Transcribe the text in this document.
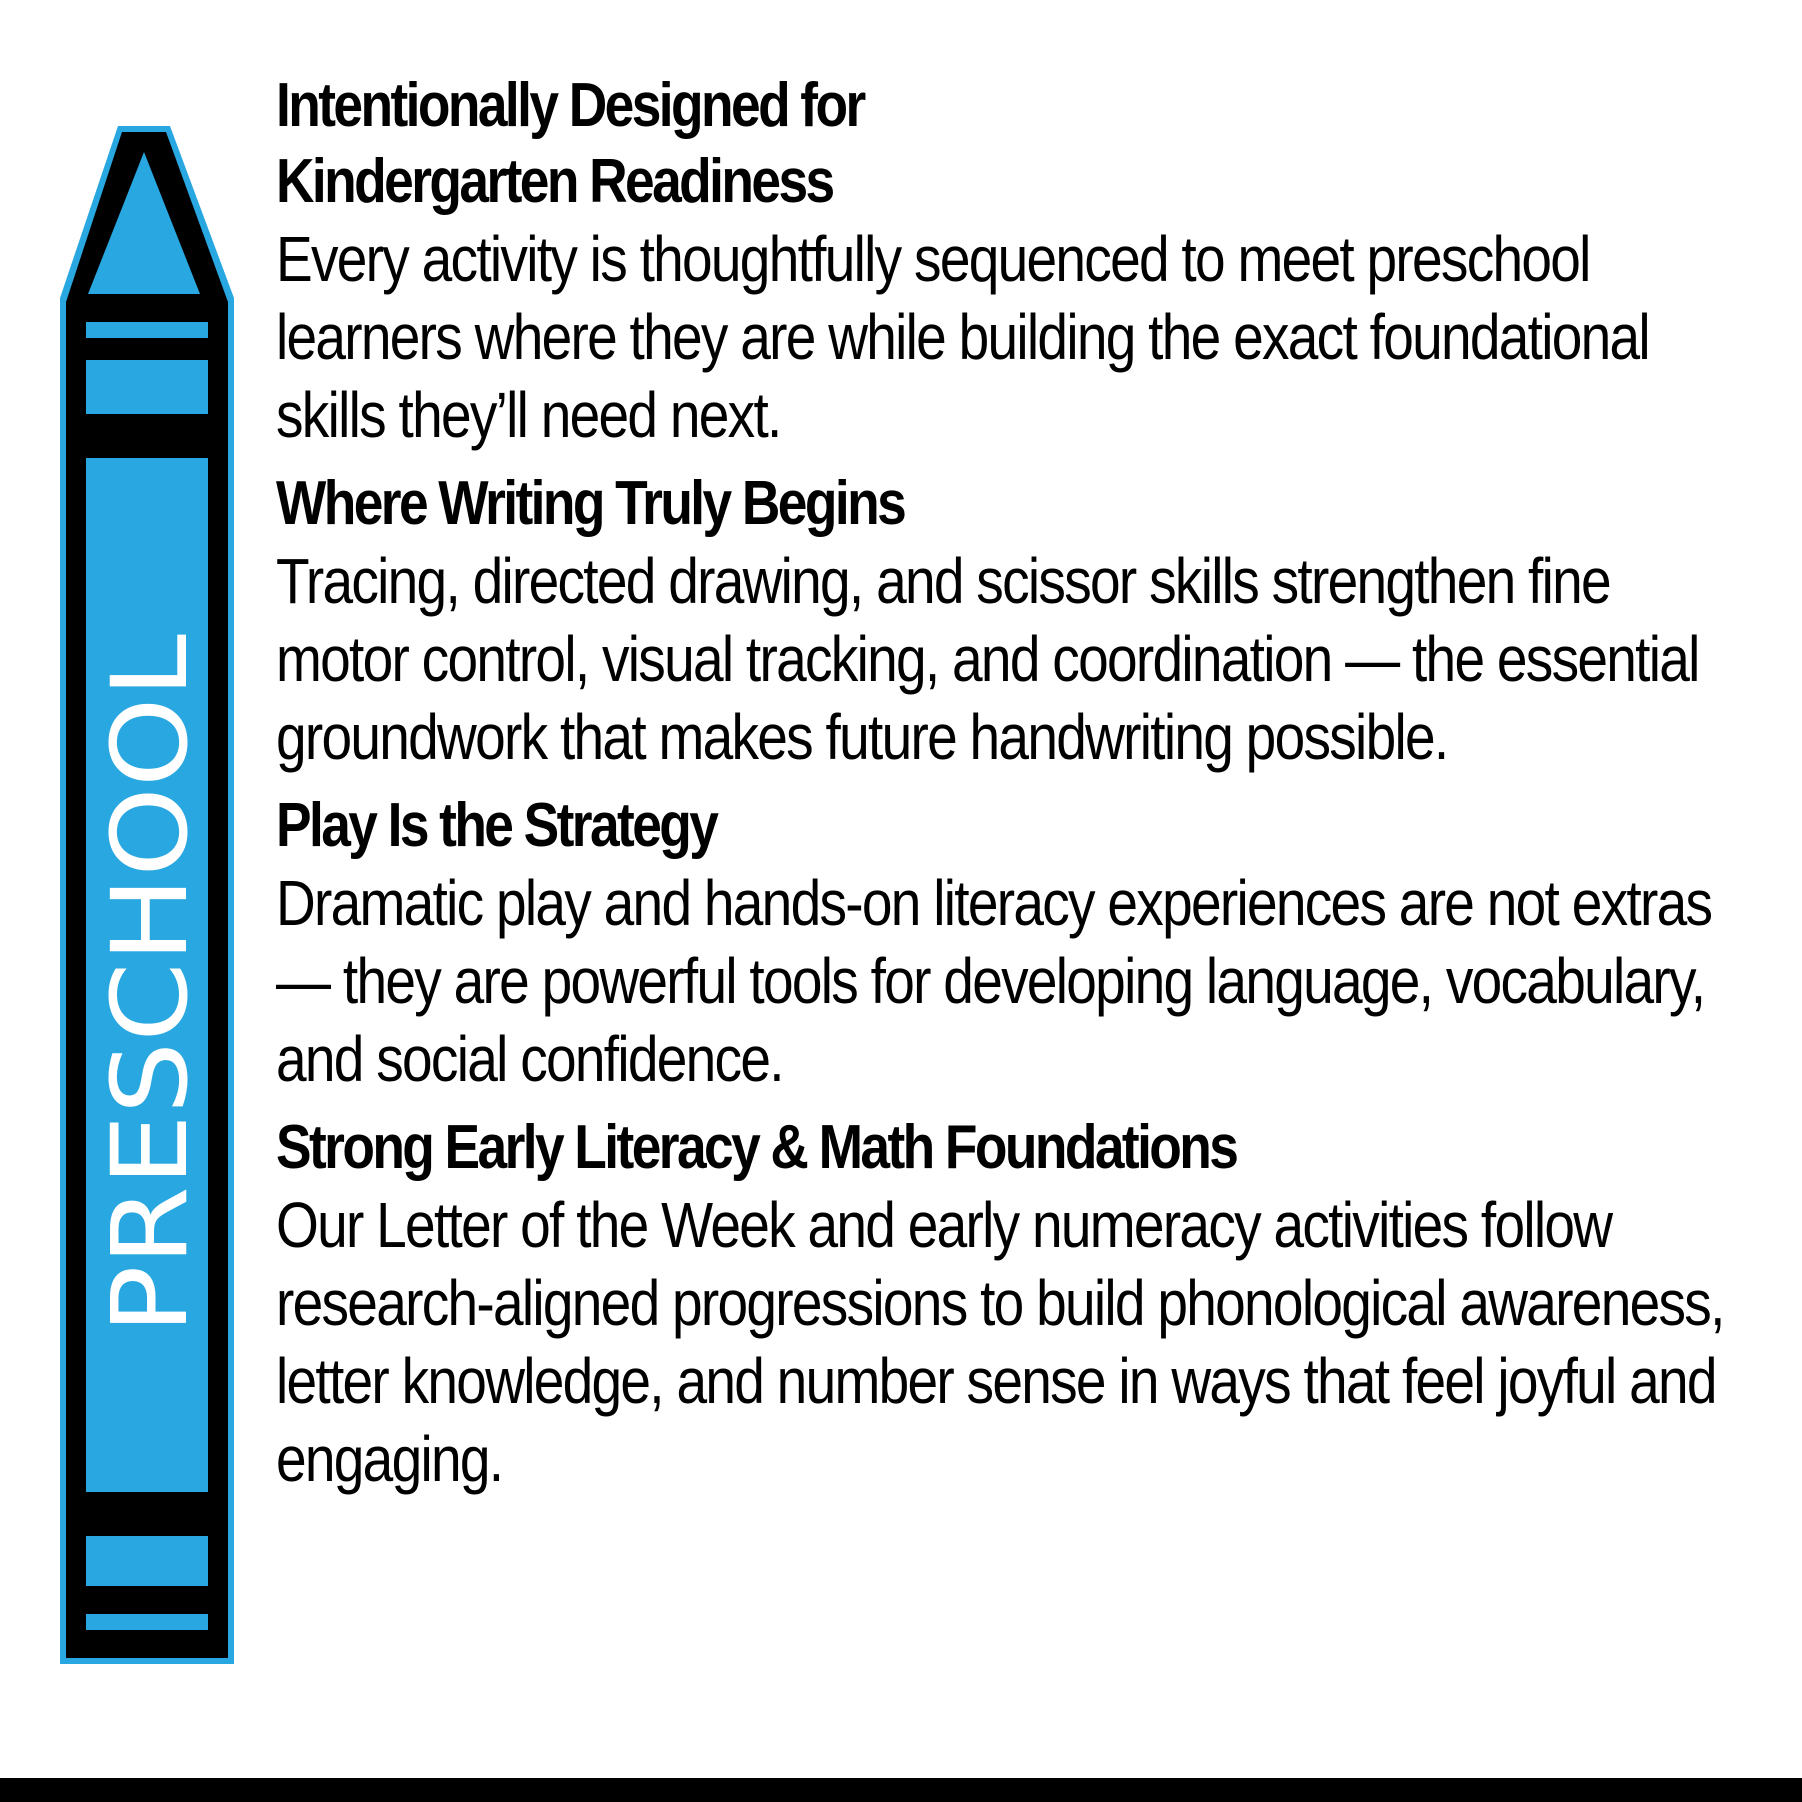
PRESCHOOL
Intentionally Designed for
Kindergarten Readiness

Every activity is thoughtfully sequenced to meet preschool learners where they are while building the exact foundational skills they’ll need next.

Where Writing Truly Begins

Tracing, directed drawing, and scissor skills strengthen fine motor control, visual tracking, and coordination — the essential groundwork that makes future handwriting possible.

Play Is the Strategy

Dramatic play and hands-on literacy experiences are not extras — they are powerful tools for developing language, vocabulary, and social confidence.

Strong Early Literacy & Math Foundations

Our Letter of the Week and early numeracy activities follow research-aligned progressions to build phonological awareness, letter knowledge, and number sense in ways that feel joyful and engaging.
